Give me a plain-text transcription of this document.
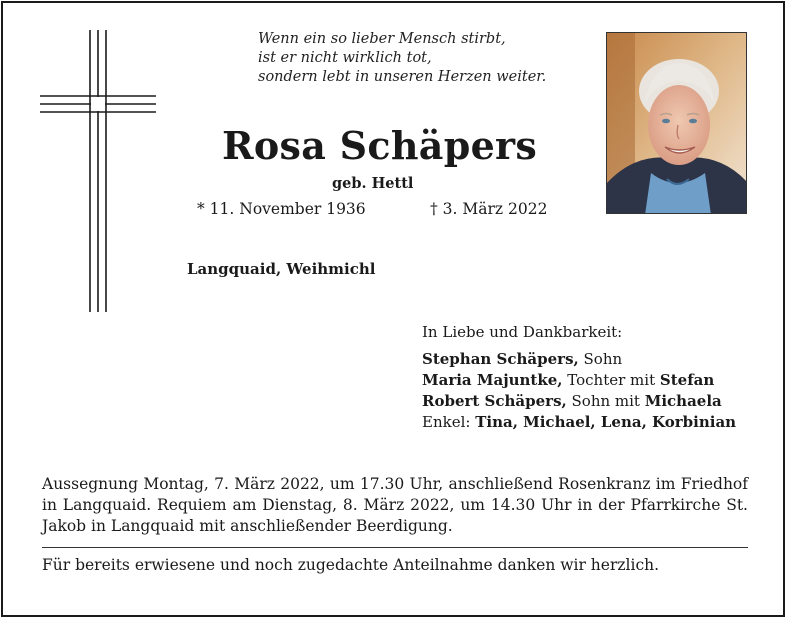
Wenn ein so lieber Mensch stirbt,
ist er nicht wirklich tot,
sondern lebt in unseren Herzen weiter.
Rosa Schäpers
geb. Hettl
* 11. November 1936	† 3. März 2022
Langquaid, Weihmichl
In Liebe und Dankbarkeit:
Stephan Schäpers, Sohn
Maria Majuntke, Tochter mit Stefan
Robert Schäpers, Sohn mit Michaela
Enkel: Tina, Michael, Lena, Korbinian
Aussegnung Montag, 7. März 2022, um 17.30 Uhr, anschließend Rosenkranz im Friedhof in Langquaid. Requiem am Dienstag, 8. März 2022, um 14.30 Uhr in der Pfarrkirche St. Jakob in Langquaid mit anschließender Beerdigung.
Für bereits erwiesene und noch zugedachte Anteilnahme danken wir herzlich.
